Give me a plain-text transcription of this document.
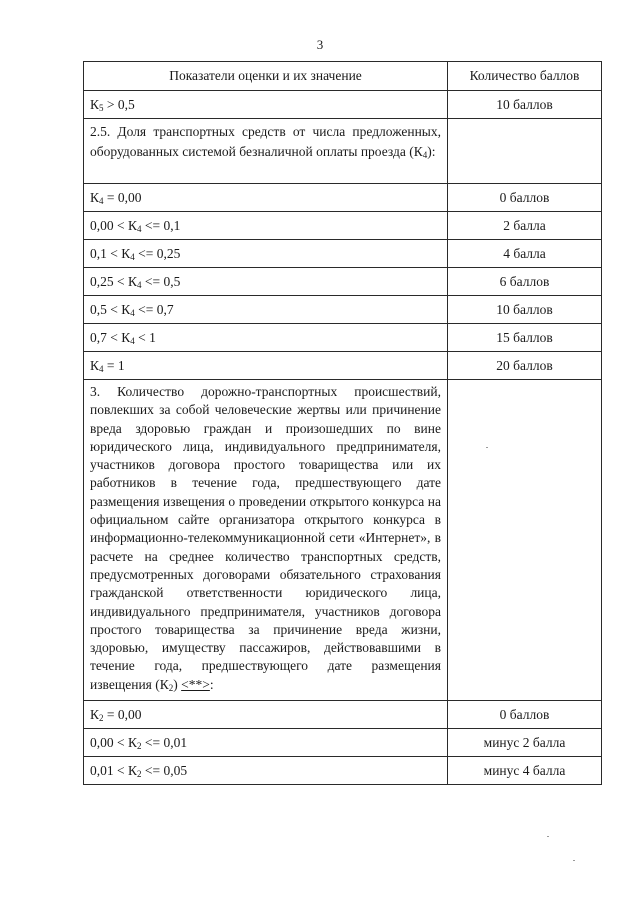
3
Показатели оценки и их значение	Количество баллов
$К_5 > 0,5$	10 баллов
2.5. Доля транспортных средств от числа предложенных, оборудованных системой безналичной оплаты проезда $(К_4)$:	
$К_4 = 0,00$	0 баллов
$0,00 < К_4 <= 0,1$	2 балла
$0,1 < К_4 <= 0,25$	4 балла
$0,25 < К_4 <= 0,5$	6 баллов
$0,5 < К_4 <= 0,7$	10 баллов
$0,7 < К_4 < 1$	15 баллов
$К_4 = 1$	20 баллов
3. Количество дорожно-транспортных происшествий, повлекших за собой человеческие жертвы или причинение вреда здоровью граждан и произошедших по вине юридического лица, индивидуального предпринимателя, участников договора простого товарищества или их работников в течение года, предшествующего дате размещения извещения о проведении открытого конкурса на официальном сайте организатора открытого конкурса в информационно-телекоммуникационной сети «Интернет», в расчете на среднее количество транспортных средств, предусмотренных договорами обязательного страхования гражданской ответственности юридического лица, индивидуального предпринимателя, участников договора простого товарищества за причинение вреда жизни, здоровью, имуществу пассажиров, действовавшими в течение года, предшествующего дате размещения извещения $(К_2)$ <**>:	
$К_2 = 0,00$	0 баллов
$0,00 < К_2 <= 0,01$	минус 2 балла
$0,01 < К_2 <= 0,05$	минус 4 балла
